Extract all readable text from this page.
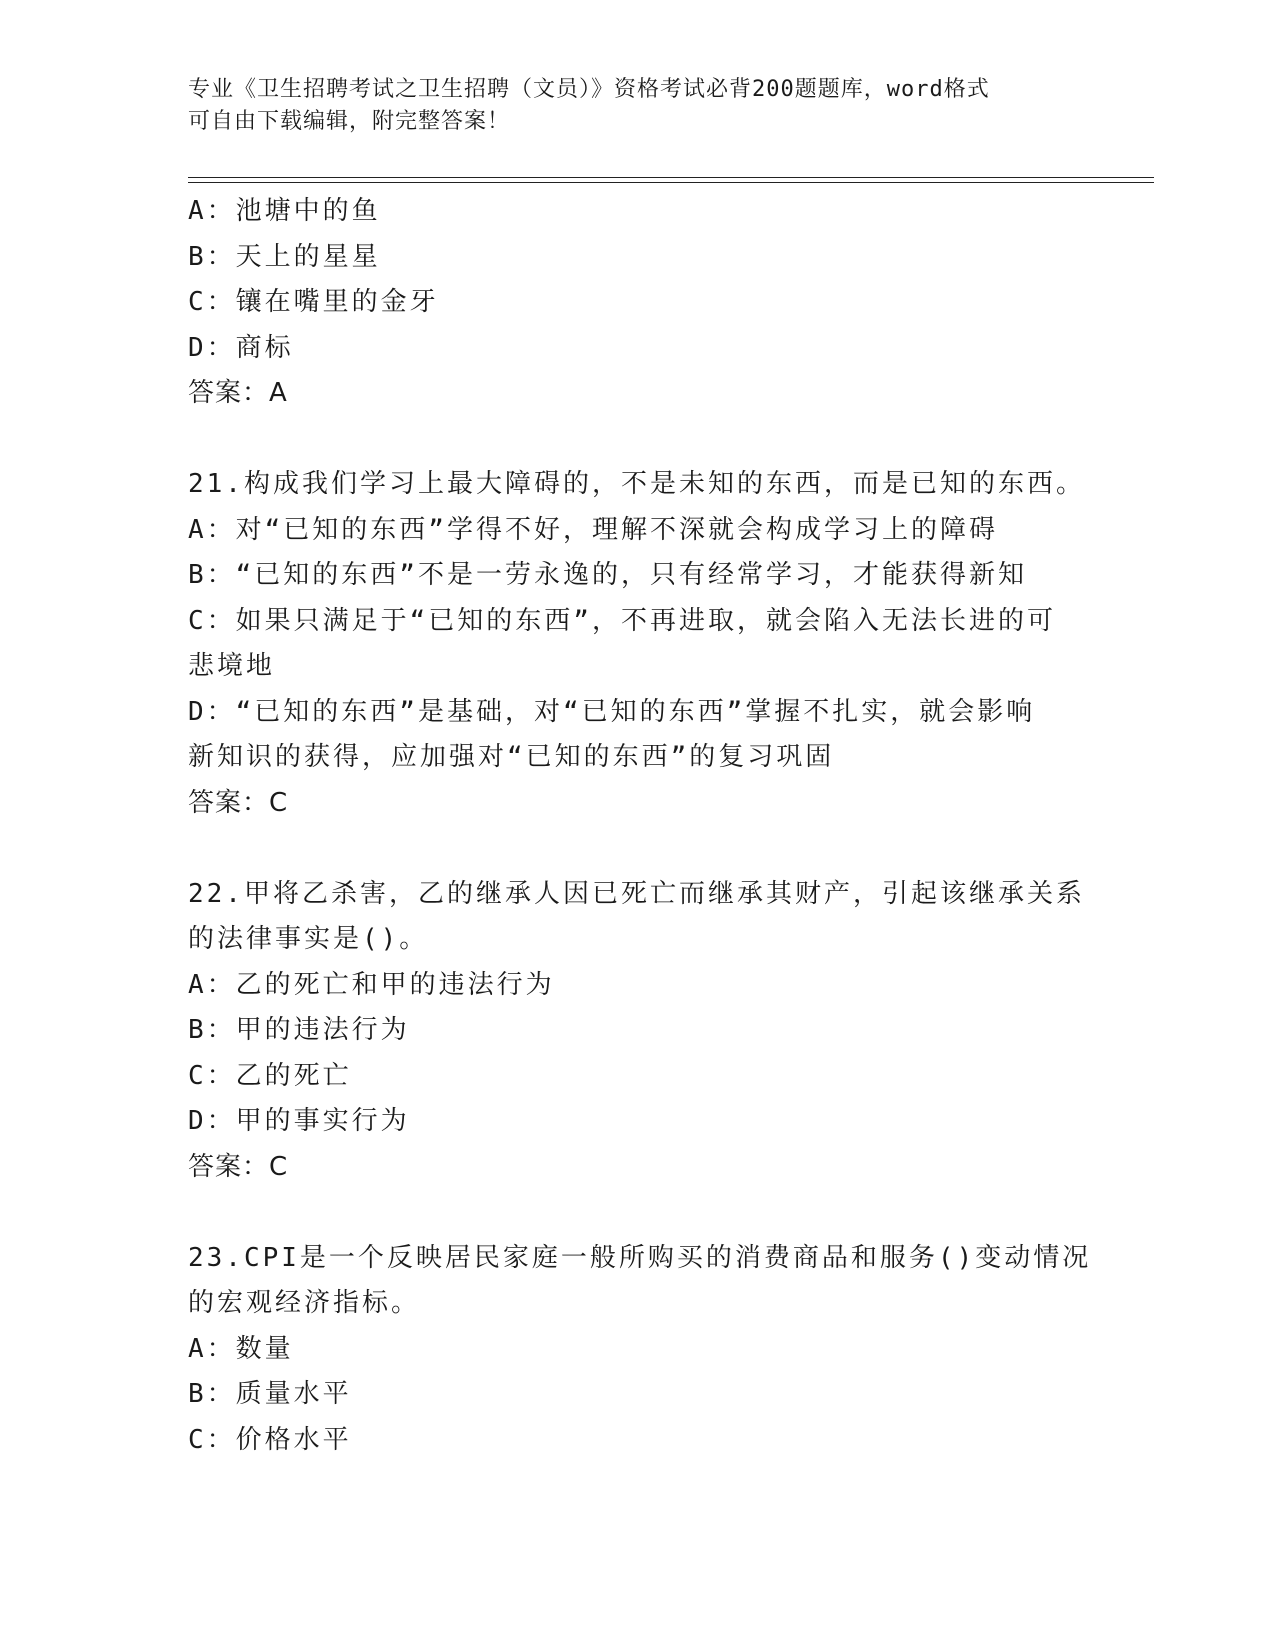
专业《卫生招聘考试之卫生招聘（文员）》资格考试必背200题题库，word格式
可自由下载编辑，附完整答案！
A：池塘中的鱼
B：天上的星星
C：镶在嘴里的金牙
D：商标
答案：A
21.构成我们学习上最大障碍的，不是未知的东西，而是已知的东西。
A：对“已知的东西”学得不好，理解不深就会构成学习上的障碍
B：“已知的东西”不是一劳永逸的，只有经常学习，才能获得新知
C：如果只满足于“已知的东西”，不再进取，就会陷入无法长进的可
悲境地
D：“已知的东西”是基础，对“已知的东西”掌握不扎实，就会影响
新知识的获得，应加强对“已知的东西”的复习巩固
答案：C
22.甲将乙杀害，乙的继承人因已死亡而继承其财产，引起该继承关系
的法律事实是()。
A：乙的死亡和甲的违法行为
B：甲的违法行为
C：乙的死亡
D：甲的事实行为
答案：C
23.CPI是一个反映居民家庭一般所购买的消费商品和服务()变动情况
的宏观经济指标。
A：数量
B：质量水平
C：价格水平
